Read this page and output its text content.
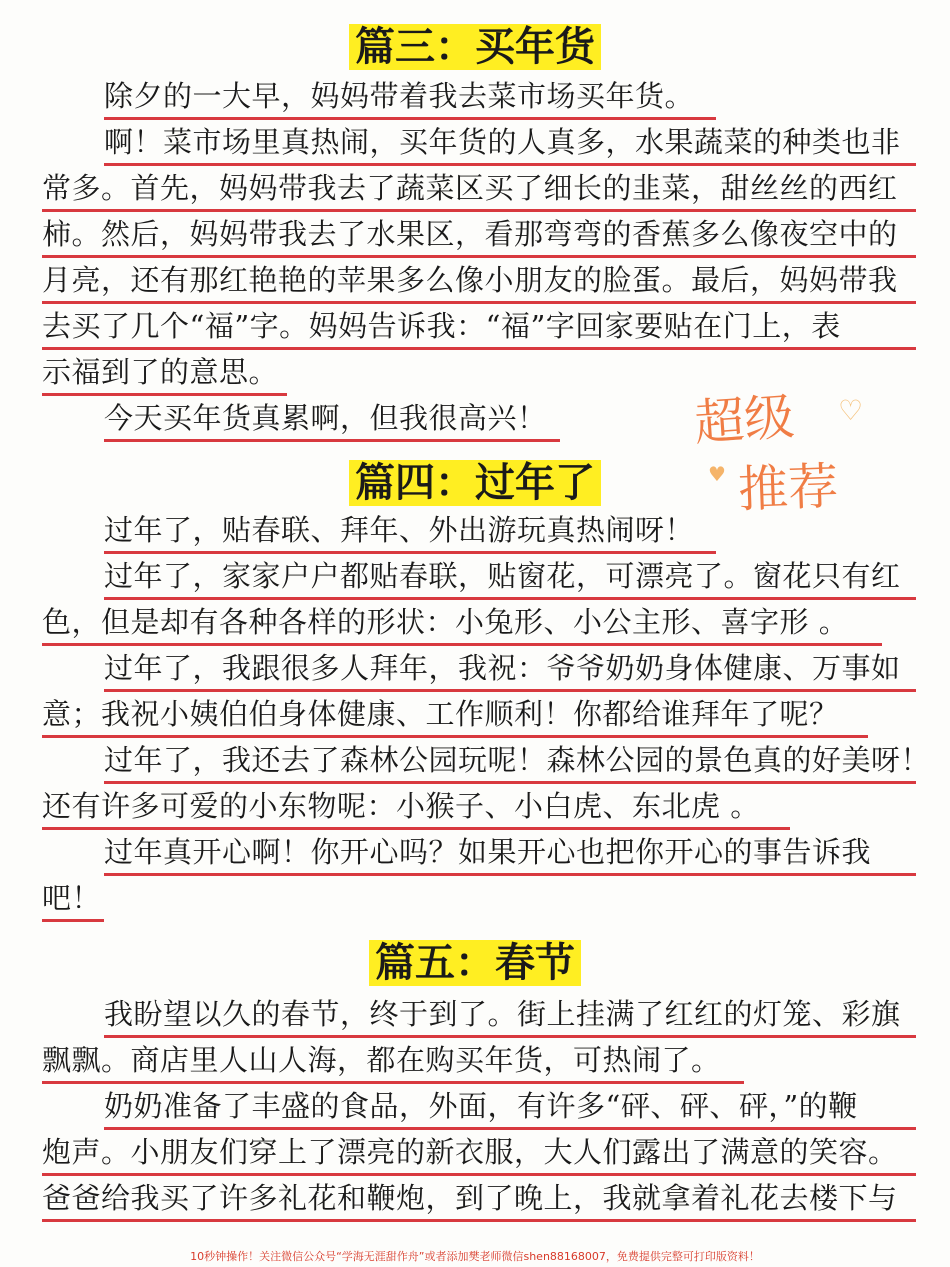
篇三：买年货
除夕的一大早，妈妈带着我去菜市场买年货。
啊！菜市场里真热闹，买年货的人真多，水果蔬菜的种类也非
常多。首先，妈妈带我去了蔬菜区买了细长的韭菜，甜丝丝的西红
柿。然后，妈妈带我去了水果区，看那弯弯的香蕉多么像夜空中的
月亮，还有那红艳艳的苹果多么像小朋友的脸蛋。最后，妈妈带我
去买了几个“福”字。妈妈告诉我：“福”字回家要贴在门上，表
示福到了的意思。
今天买年货真累啊，但我很高兴！	超级 ♡
♥ 推荐
篇四：过年了
过年了，贴春联、拜年、外出游玩真热闹呀！
过年了，家家户户都贴春联，贴窗花，可漂亮了。窗花只有红
色，但是却有各种各样的形状：小兔形、小公主形、喜字形 。
过年了，我跟很多人拜年，我祝：爷爷奶奶身体健康、万事如
意；我祝小姨伯伯身体健康、工作顺利！你都给谁拜年了呢？
过年了，我还去了森林公园玩呢！森林公园的景色真的好美呀！
还有许多可爱的小东物呢：小猴子、小白虎、东北虎 。
过年真开心啊！你开心吗？如果开心也把你开心的事告诉我
吧！
篇五：春节
我盼望以久的春节，终于到了。街上挂满了红红的灯笼、彩旗
飘飘。商店里人山人海，都在购买年货，可热闹了。
奶奶准备了丰盛的食品，外面，有许多“砰、砰、砰，”的鞭
炮声。小朋友们穿上了漂亮的新衣服，大人们露出了满意的笑容。
爸爸给我买了许多礼花和鞭炮，到了晚上，我就拿着礼花去楼下与
10秒钟操作！关注微信公众号“学海无涯甜作舟”或者添加樊老师微信shen88168007，免费提供完整可打印版资料！
